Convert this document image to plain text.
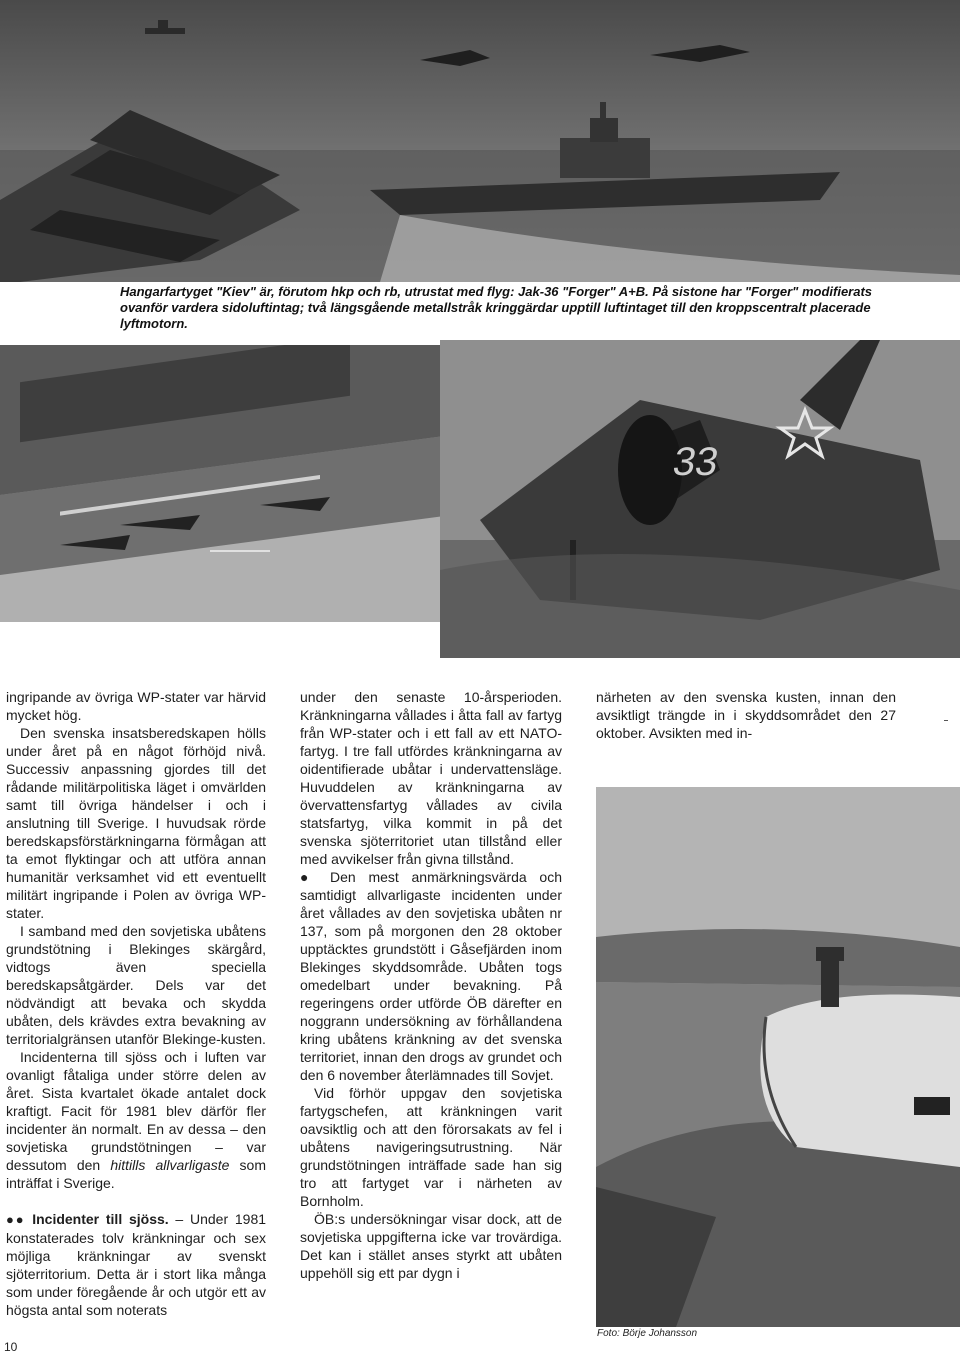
Hangarfartyget "Kiev" är, förutom hkp och rb, utrustat med flyg: Jak-36 "Forger" A+B. På sistone har "Forger" modifierats ovanför vardera sidoluftintag; två längsgående metallstråk kringgärdar upptill luftintaget till den kroppscentralt placerade lyftmotorn.
33

ingripande av övriga WP-stater var härvid mycket hög.

Den svenska insatsberedskapen hölls under året på en något förhöjd nivå. Successiv anpassning gjordes till det rådande militärpolitiska läget i omvärlden samt till övriga händelser i och i anslutning till Sverige. I huvudsak rörde beredskapsförstärkningarna förmågan att ta emot flyktingar och att utföra annan humanitär verksamhet vid ett eventuellt militärt ingripande i Polen av övriga WP-stater.

I samband med den sovjetiska ubåtens grundstötning i Blekinges skärgård, vidtogs även speciella beredskapsåtgärder. Dels var det nödvändigt att bevaka och skydda ubåten, dels krävdes extra bevakning av territorialgränsen utanför Blekinge-kusten.

Incidenterna till sjöss och i luften var ovanligt fåtaliga under större delen av året. Sista kvartalet ökade antalet dock kraftigt. Facit för 1981 blev därför fler incidenter än normalt. En av dessa – den sovjetiska grundstötningen – var dessutom den hittills allvarligaste som inträffat i Sverige.

●● Incidenter till sjöss. – Under 1981 konstaterades tolv kränkningar och sex möjliga kränkningar av svenskt sjöterritorium. Detta är i stort lika många som under föregående år och utgör ett av högsta antal som noterats

under den senaste 10-årsperioden. Kränkningarna vållades i åtta fall av fartyg från WP-stater och i ett fall av ett NATO-fartyg. I tre fall utfördes kränkningarna av oidentifierade ubåtar i undervattensläge. Huvuddelen av kränkningarna av övervattensfartyg vållades av civila statsfartyg, vilka kommit in på det svenska sjöterritoriet utan tillstånd eller med avvikelser från givna tillstånd.

● Den mest anmärkningsvärda och samtidigt allvarligaste incidenten under året vållades av den sovjetiska ubåten nr 137, som på morgonen den 28 oktober upptäcktes grundstött i Gåsefjärden inom Blekinges skyddsområde. Ubåten togs omedelbart under bevakning. På regeringens order utförde ÖB därefter en noggrann undersökning av förhållandena kring ubåtens kränkning av det svenska territoriet, innan den drogs av grundet och den 6 november återlämnades till Sovjet.

Vid förhör uppgav den sovjetiska fartygschefen, att kränkningen varit oavsiktlig och att den förorsakats av fel i ubåtens navigeringsutrustning. När grundstötningen inträffade sade han sig tro att fartyget var i närheten av Bornholm.

ÖB:s undersökningar visar dock, att de sovjetiska uppgifterna icke var trovärdiga. Det kan i stället anses styrkt att ubåten uppehöll sig ett par dygn i

närheten av den svenska kusten, innan den avsiktligt trängde in i skyddsområdet den 27 oktober. Avsikten med in-

Foto: Börje Johansson
10
